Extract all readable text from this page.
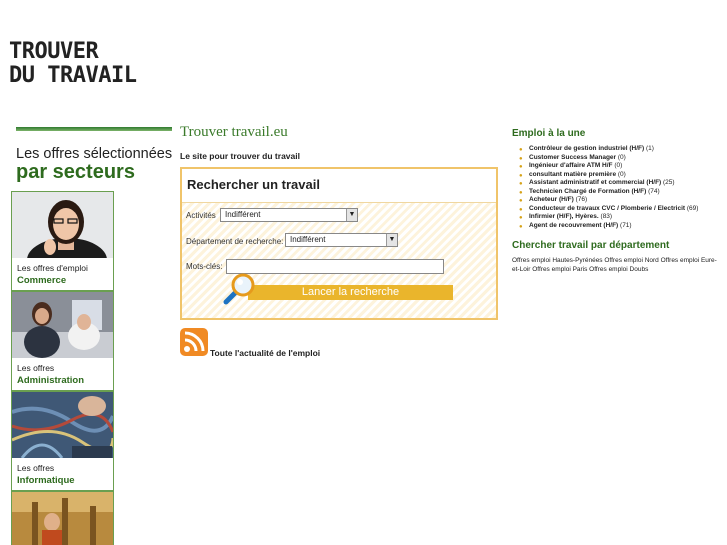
TROUVER
DU TRAVAIL
Les offres sélectionnées
par secteurs
Les offres d'emploi
Commerce
Les offres
Administration
Les offres
Informatique
Trouver travail.eu
Le site pour trouver du travail
Rechercher un travail
Activités	Indifférent	▼
Département de recherche: Indifférent	▼
Mots-clés:
Lancer la recherche
Toute l'actualité de l'emploi
Emploi à la une
● Contrôleur de gestion industriel (H/F) (1)
● Customer Success Manager (0)
● Ingénieur d'affaire ATM H/F (0)
● consultant matière première (0)
● Assistant administratif et commercial (H/F) (25)
● Technicien Chargé de Formation (H/F) (74)
● Acheteur (H/F) (76)
● Conducteur de travaux CVC / Plomberie / Electricit (69)
● Infirmier (H/F), Hyères. (83)
● Agent de recouvrement (H/F) (71)
Chercher travail par département
Offres emploi Hautes-Pyrénées Offres emploi Nord Offres emploi Eure-et-Loir Offres emploi Paris Offres emploi Doubs
